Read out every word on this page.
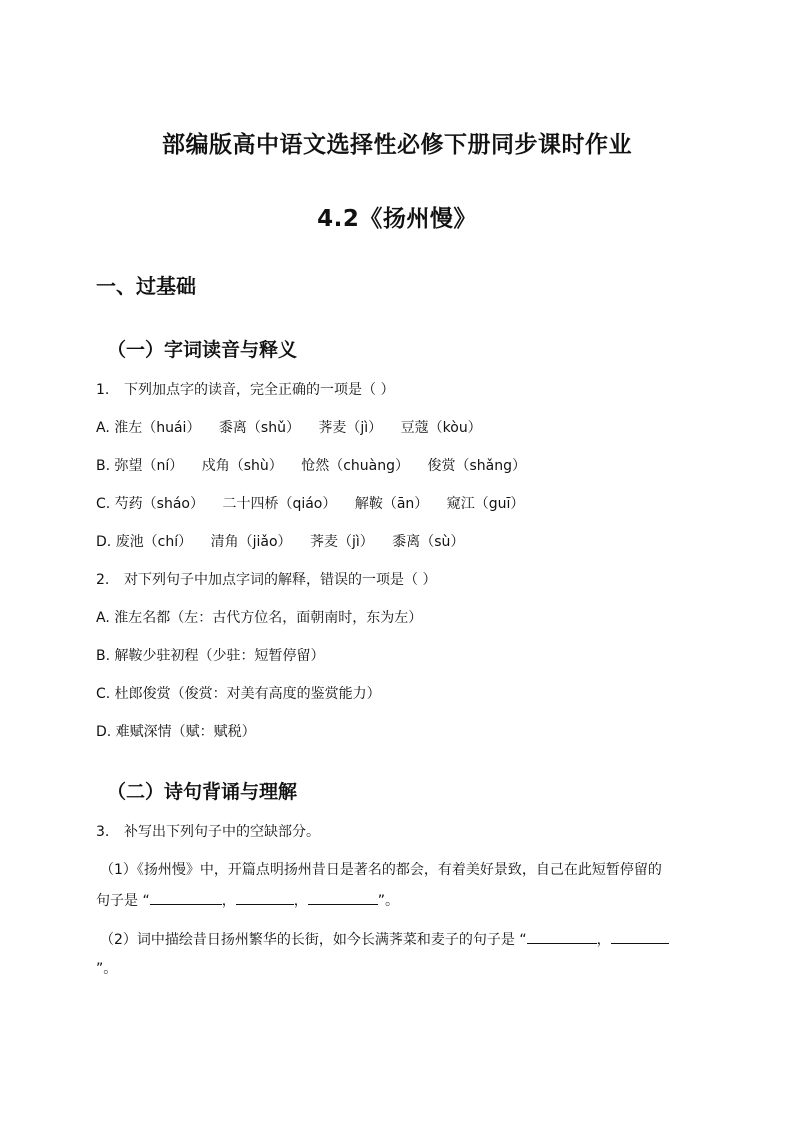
部编版高中语文选择性必修下册同步课时作业
4.2《扬州慢》
一、过基础
（一）字词读音与释义
1. 下列加点字的读音，完全正确的一项是（ ）
A. 淮左（huái） 黍离（shǔ） 荠麦（jì） 豆蔻（kòu）
B. 弥望（ní） 戍角（shù） 怆然（chuàng） 俊赏（shǎng）
C. 芍药（sháo） 二十四桥（qiáo） 解鞍（ān） 窥江（guī）
D. 废池（chí） 清角（jiǎo） 荠麦（jì） 黍离（sù）
2. 对下列句子中加点字词的解释，错误的一项是（ ）
A. 淮左名都（左：古代方位名，面朝南时，东为左）
B. 解鞍少驻初程（少驻：短暂停留）
C. 杜郎俊赏（俊赏：对美有高度的鉴赏能力）
D. 难赋深情（赋：赋税）
（二）诗句背诵与理解
3. 补写出下列句子中的空缺部分。
（1）《扬州慢》中，开篇点明扬州昔日是著名的都会，有着美好景致，自己在此短暂停留的
句子是 “	，	，	”。
（2）词中描绘昔日扬州繁华的长街，如今长满荠菜和麦子的句子是 “	，
”。
